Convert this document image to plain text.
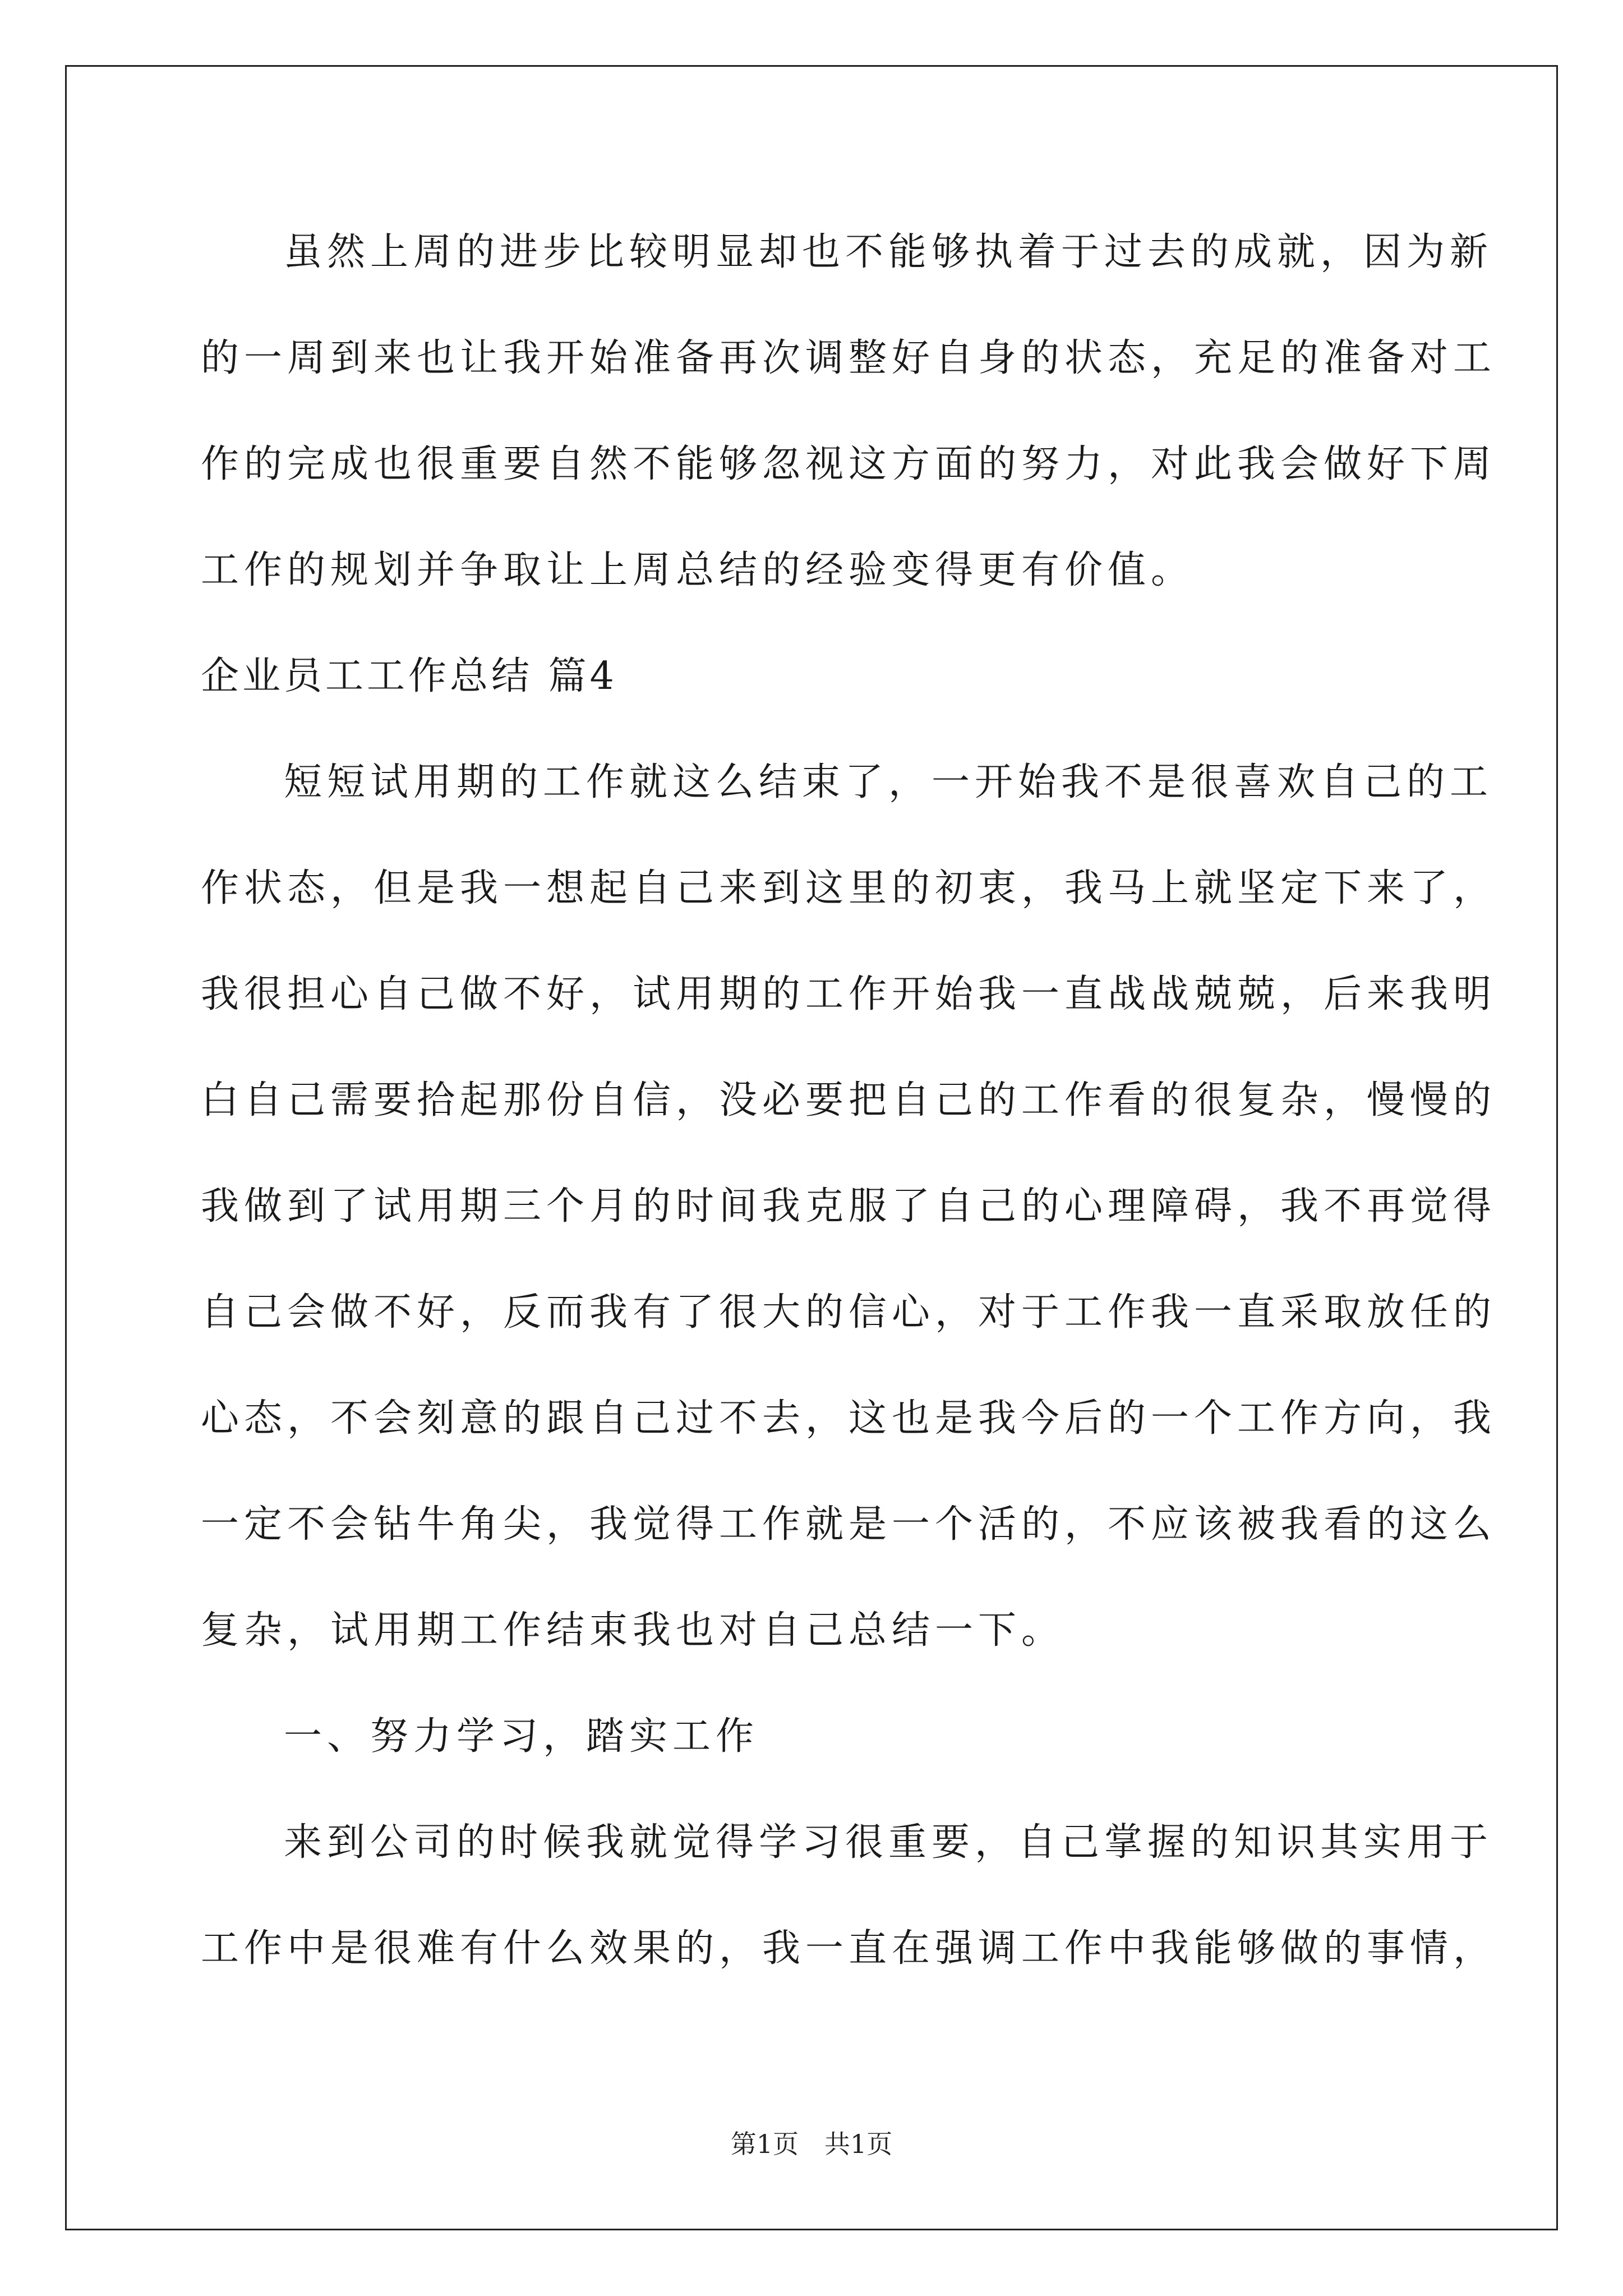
虽然上周的进步比较明显却也不能够执着于过去的成就，因为新
的一周到来也让我开始准备再次调整好自身的状态，充足的准备对工
作的完成也很重要自然不能够忽视这方面的努力，对此我会做好下周
工作的规划并争取让上周总结的经验变得更有价值。
企业员工工作总结 篇4
短短试用期的工作就这么结束了，一开始我不是很喜欢自己的工
作状态，但是我一想起自己来到这里的初衷，我马上就坚定下来了，
我很担心自己做不好，试用期的工作开始我一直战战兢兢，后来我明
白自己需要拾起那份自信，没必要把自己的工作看的很复杂，慢慢的
我做到了试用期三个月的时间我克服了自己的心理障碍，我不再觉得
自己会做不好，反而我有了很大的信心，对于工作我一直采取放任的
心态，不会刻意的跟自己过不去，这也是我今后的一个工作方向，我
一定不会钻牛角尖，我觉得工作就是一个活的，不应该被我看的这么
复杂，试用期工作结束我也对自己总结一下。
一、努力学习，踏实工作
来到公司的时候我就觉得学习很重要，自己掌握的知识其实用于
工作中是很难有什么效果的，我一直在强调工作中我能够做的事情，
第1页　共1页
